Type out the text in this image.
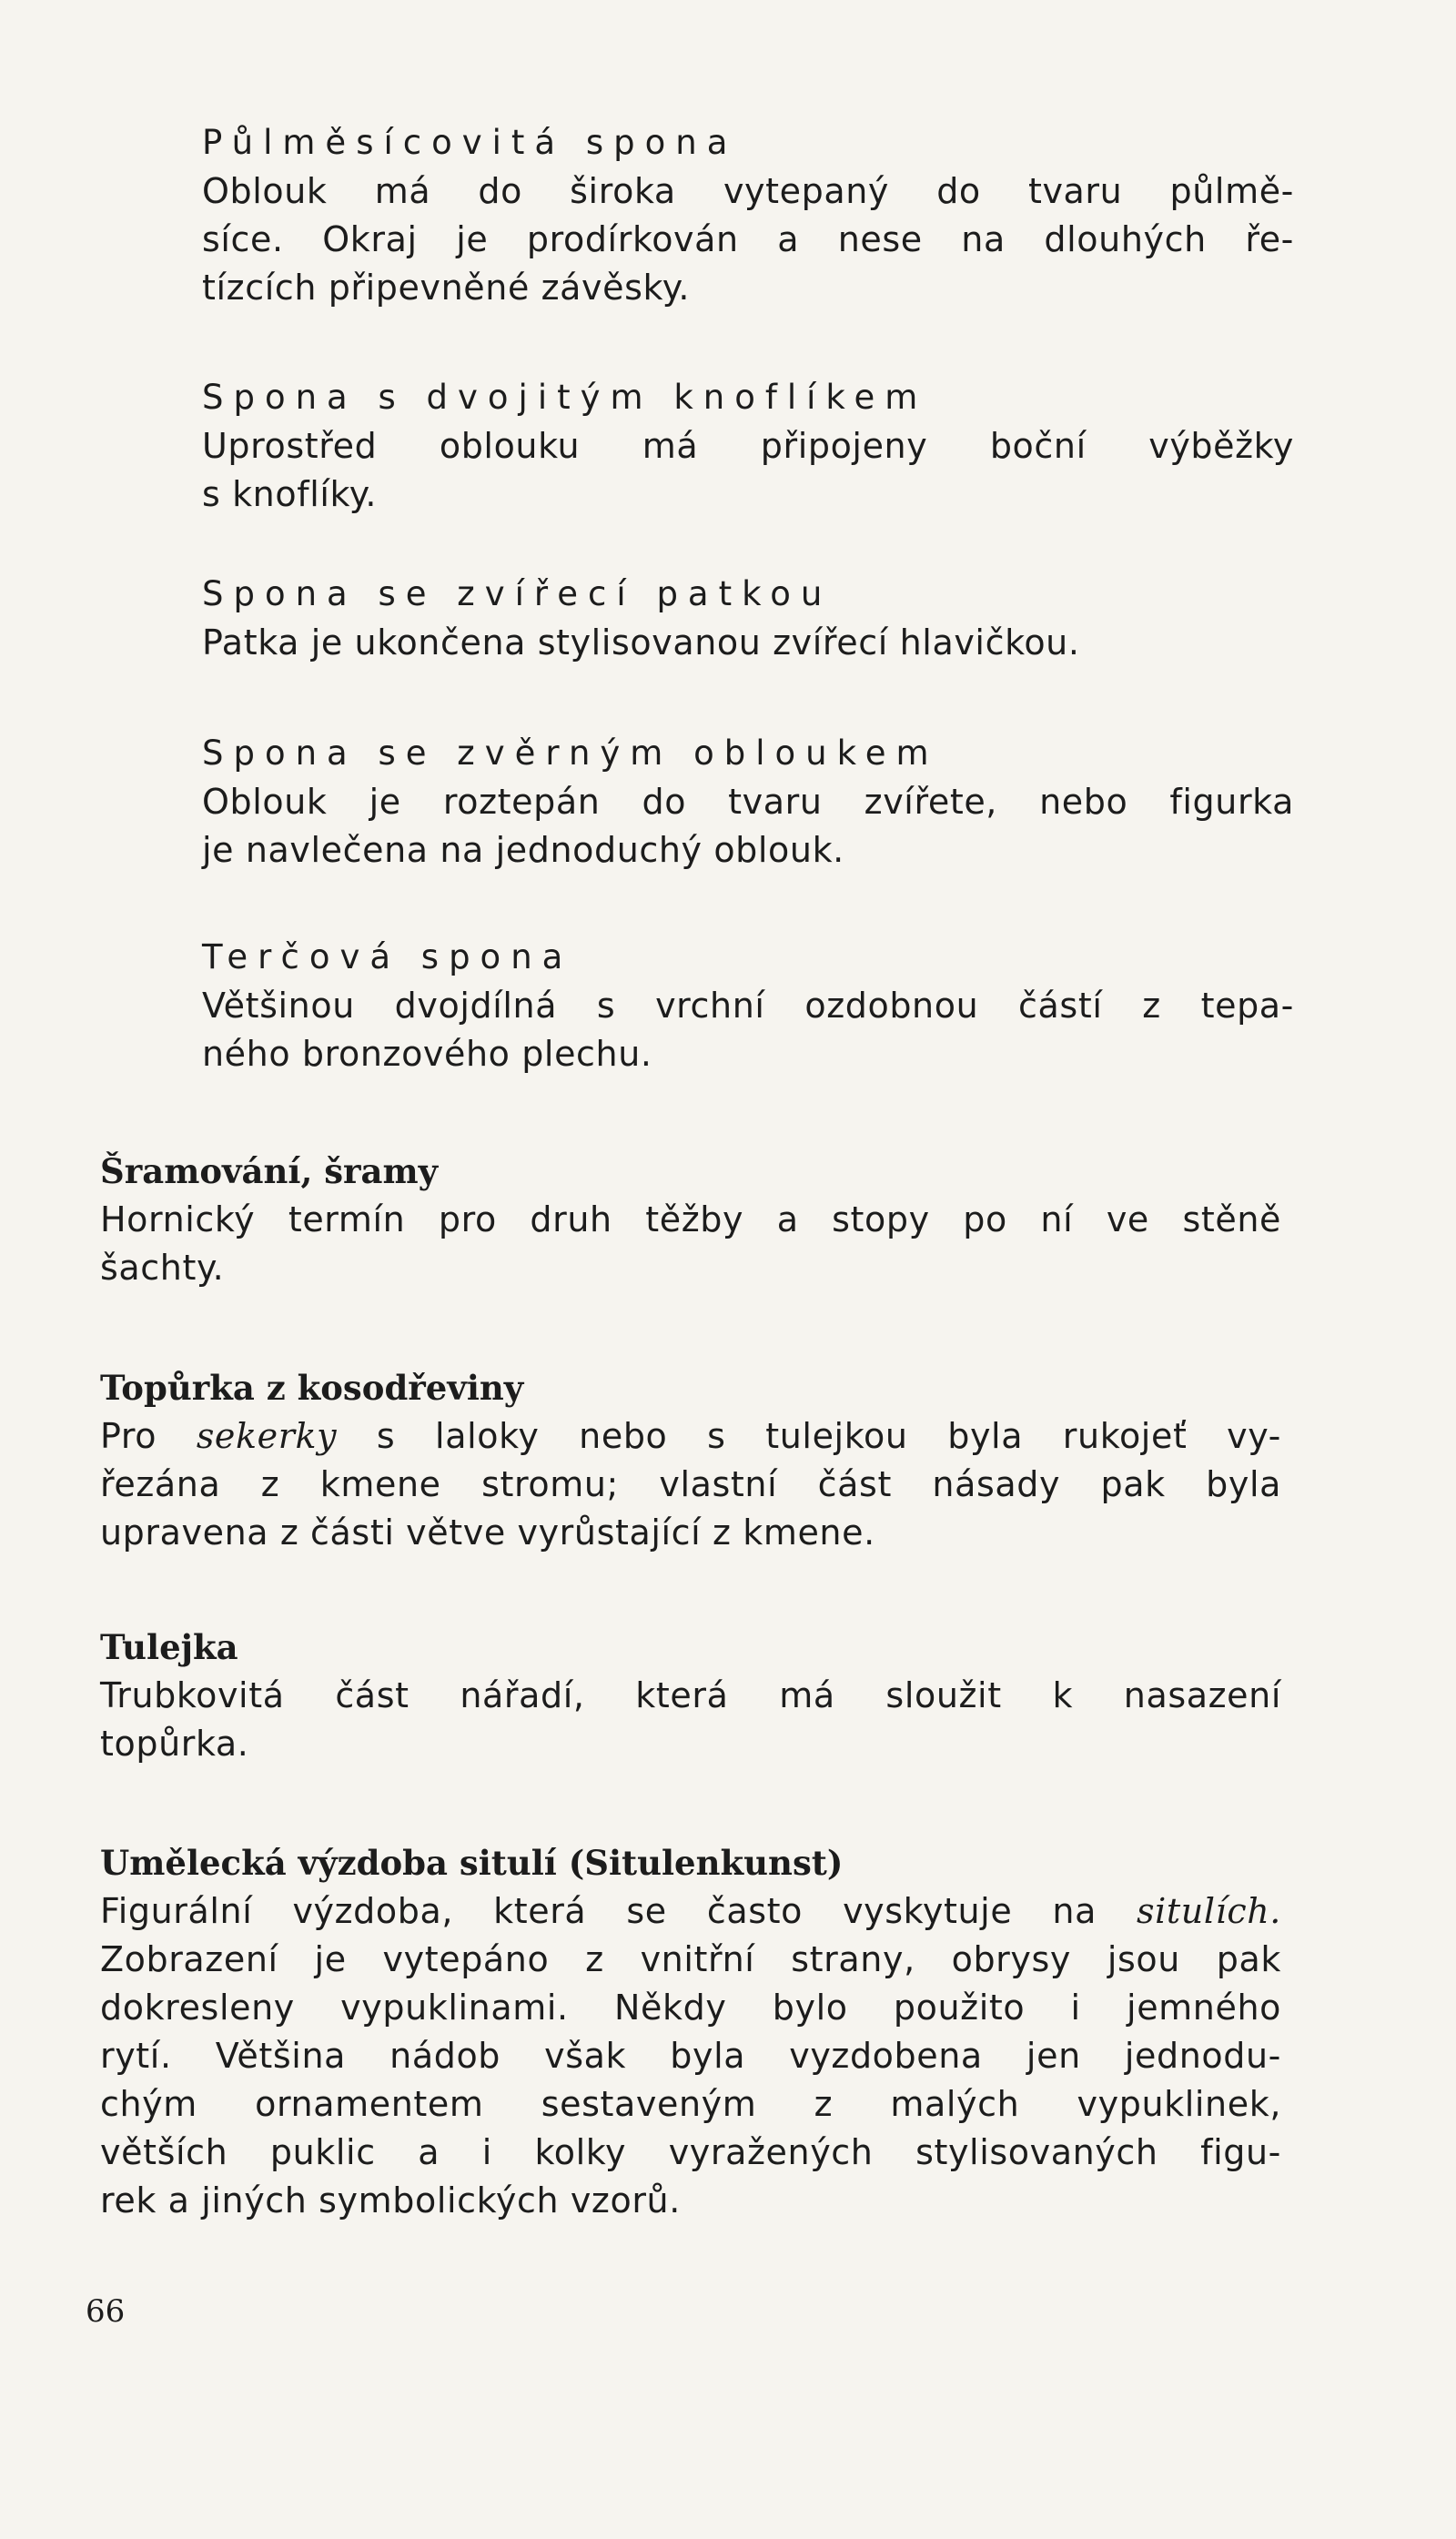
Půlměsícovitá spona
Oblouk má do široka vytepaný do tvaru půlmě-
síce. Okraj je prodírkován a nese na dlouhých ře-
tízcích připevněné závěsky.
Spona s dvojitým knoflíkem
Uprostřed oblouku má připojeny boční výběžky
s knoflíky.
Spona se zvířecí patkou
Patka je ukončena stylisovanou zvířecí hlavičkou.
Spona se zvěrným obloukem
Oblouk je roztepán do tvaru zvířete, nebo figurka
je navlečena na jednoduchý oblouk.
Terčová spona
Většinou dvojdílná s vrchní ozdobnou částí z tepa-
ného bronzového plechu.
Šramování, šramy
Hornický termín pro druh těžby a stopy po ní ve stěně
šachty.
Topůrka z kosodřeviny
Pro sekerky s laloky nebo s tulejkou byla rukojeť vy-
řezána z kmene stromu; vlastní část násady pak byla
upravena z části větve vyrůstající z kmene.
Tulejka
Trubkovitá část nářadí, která má sloužit k nasazení
topůrka.
Umělecká výzdoba situlí (Situlenkunst)
Figurální výzdoba, která se často vyskytuje na situlích.
Zobrazení je vytepáno z vnitřní strany, obrysy jsou pak
dokresleny vypuklinami. Někdy bylo použito i jemného
rytí. Většina nádob však byla vyzdobena jen jednodu-
chým ornamentem sestaveným z malých vypuklinek,
větších puklic a i kolky vyražených stylisovaných figu-
rek a jiných symbolických vzorů.
66
